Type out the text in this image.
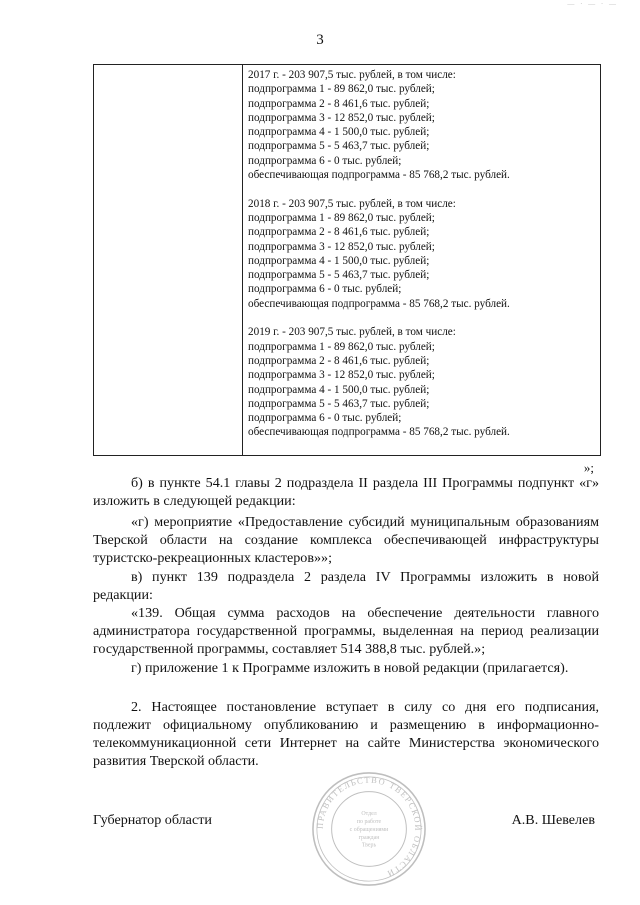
— · — · —
3
2017 г. - 203 907,5 тыс. рублей, в том числе:
подпрограмма 1 - 89 862,0 тыс. рублей;
подпрограмма 2 - 8 461,6 тыс. рублей;
подпрограмма 3 - 12 852,0 тыс. рублей;
подпрограмма 4 - 1 500,0 тыс. рублей;
подпрограмма 5 - 5 463,7 тыс. рублей;
подпрограмма 6 - 0 тыс. рублей;
обеспечивающая подпрограмма - 85 768,2 тыс. рублей.
2018 г. - 203 907,5 тыс. рублей, в том числе:
подпрограмма 1 - 89 862,0 тыс. рублей;
подпрограмма 2 - 8 461,6 тыс. рублей;
подпрограмма 3 - 12 852,0 тыс. рублей;
подпрограмма 4 - 1 500,0 тыс. рублей;
подпрограмма 5 - 5 463,7 тыс. рублей;
подпрограмма 6 - 0 тыс. рублей;
обеспечивающая подпрограмма - 85 768,2 тыс. рублей.
2019 г. - 203 907,5 тыс. рублей, в том числе:
подпрограмма 1 - 89 862,0 тыс. рублей;
подпрограмма 2 - 8 461,6 тыс. рублей;
подпрограмма 3 - 12 852,0 тыс. рублей;
подпрограмма 4 - 1 500,0 тыс. рублей;
подпрограмма 5 - 5 463,7 тыс. рублей;
подпрограмма 6 - 0 тыс. рублей;
обеспечивающая подпрограмма - 85 768,2 тыс. рублей.
»;
б) в пункте 54.1 главы 2 подраздела II раздела III Программы подпункт «г» изложить в следующей редакции:
«г) мероприятие «Предоставление субсидий муниципальным образованиям Тверской области на создание комплекса обеспечивающей инфраструктуры туристско-рекреационных кластеров»»;
в) пункт 139 подраздела 2 раздела IV Программы изложить в новой редакции:
«139. Общая сумма расходов на обеспечение деятельности главного администратора государственной программы, выделенная на период реализации государственной программы, составляет 514 388,8 тыс. рублей.»;
г) приложение 1 к Программе изложить в новой редакции (прилагается).
2. Настоящее постановление вступает в силу со дня его подписания, подлежит официальному опубликованию и размещению в информационно-телекоммуникационной сети Интернет на сайте Министерства экономического развития Тверской области.
Губернатор области	А.В. Шевелев
ПРАВИТЕЛЬСТВО ТВЕРСКОЙ ОБЛАСТИ
Отдел
по работе
с обращениями
граждан
Тверь
